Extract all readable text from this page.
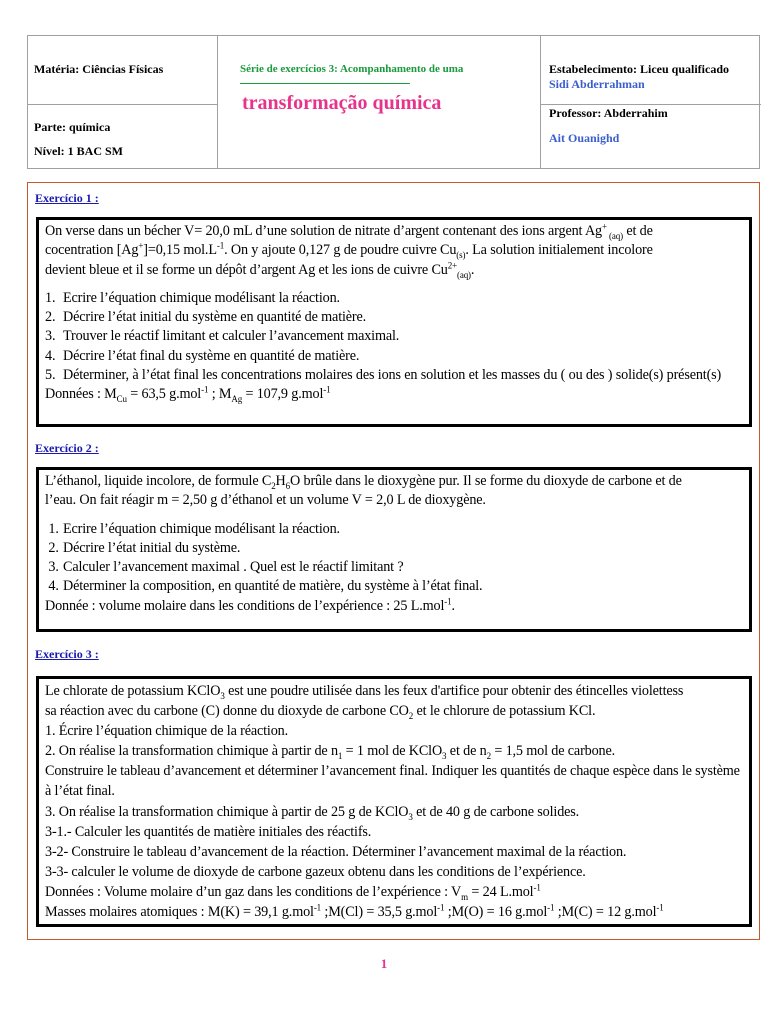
Matéria: Ciências Físicas
Parte: química
Nível: 1 BAC SM
Série de exercícios 3: Acompanhamento de uma
transformação química
Estabelecimento: Liceu qualificado
Sidi Abderrahman
Professor: Abderrahim
Ait Ouanighd
Exercício 1 :

On verse dans un bécher V= 20,0 mL d’une solution de nitrate d’argent contenant des ions argent Ag+ $_{(aq)}$ et de

cocentration [Ag+]=0,15 $mol.L^{-1}$. On y ajoute 0,127 g de poudre cuivre $Cu_{(s)}$. La solution initialement incolore

devient bleue et il se forme un dépôt d’argent Ag et les ions de cuivre $Cu^{2+}_{(aq)}$.

1. Ecrire l’équation chimique modélisant la réaction.

2. Décrire l’état initial du système en quantité de matière.

3. Trouver le réactif limitant et calculer l’avancement maximal.

4. Décrire l’état final du système en quantité de matière.

5. Déterminer, à l’état final les concentrations molaires des ions en solution et les masses du ( ou des ) solide(s) présent(s)

Données : $M_{Cu} = 63,5$ g.mol$^{-1}$ ; $M_{Ag} = 107,9$ g.mol$^{-1}$

Exercício 2 :

L’éthanol, liquide incolore, de formule $C_2H_6O$ brûle dans le dioxygène pur. Il se forme du dioxyde de carbone et de

l’eau. On fait réagir m = 2,50 g d’éthanol et un volume V = 2,0 L de dioxygène.

1. Ecrire l’équation chimique modélisant la réaction.

2. Décrire l’état initial du système.

3. Calculer l’avancement maximal . Quel est le réactif limitant ?

4. Déterminer la composition, en quantité de matière, du système à l’état final.

Donnée : volume molaire dans les conditions de l’expérience : 25 L.mol$^{-1}$.

Exercício 3 :

Le chlorate de potassium KClO$_3$ est une poudre utilisée dans les feux d'artifice pour obtenir des étincelles violettess

sa réaction avec du carbone (C) donne du dioxyde de carbone $CO_2$ et le chlorure de potassium KCl.

1. Écrire l’équation chimique de la réaction.

2. On réalise la transformation chimique à partir de $n_1 = 1$ mol de KClO$_3$ et de $n_2 = 1,5$ mol de carbone.

Construire le tableau d’avancement et déterminer l’avancement final. Indiquer les quantités de chaque espèce dans le système à l’état final.

3. On réalise la transformation chimique à partir de 25 g de KClO$_3$ et de 40 g de carbone solides.

3-1.- Calculer les quantités de matière initiales des réactifs.

3-2- Construire le tableau d’avancement de la réaction. Déterminer l’avancement maximal de la réaction.

3-3- calculer le volume de dioxyde de carbone gazeux obtenu dans les conditions de l’expérience.

Données : Volume molaire d’un gaz dans les conditions de l’expérience : $V_m = 24$ L.mol$^{-1}$

Masses molaires atomiques : M(K) = 39,1 g.mol$^{-1}$ ;M(Cl) = 35,5 g.mol$^{-1}$ ;M(O) = 16 g.mol$^{-1}$ ;M(C) = 12 g.mol$^{-1}$

1
